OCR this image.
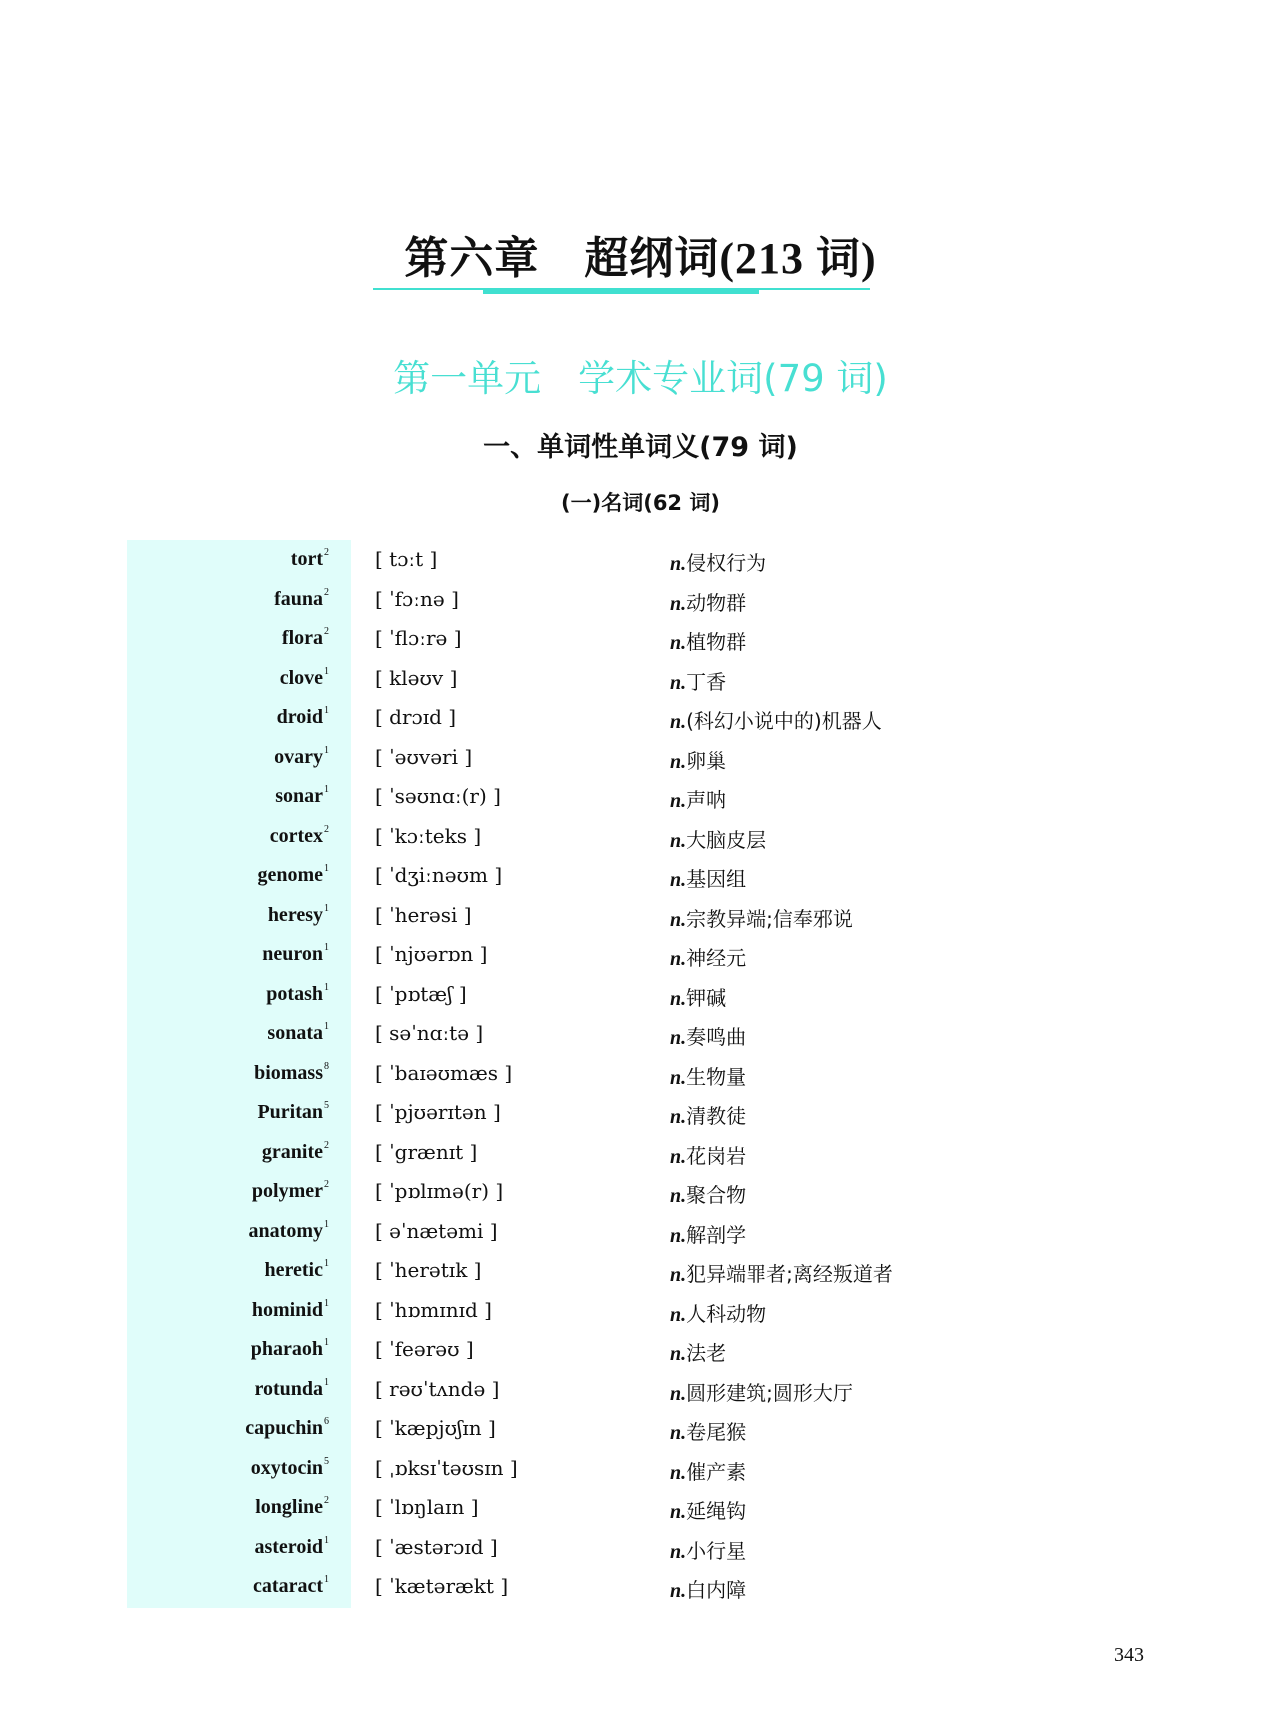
第六章　超纲词(213 词)
第一单元　学术专业词(79 词)
一、单词性单词义(79 词)
(一)名词(62 词)
tort$^2$ [ tɔːt ]	n.侵权行为
fauna$^2$ [ ˈfɔːnə ]	n.动物群
flora$^2$ [ ˈflɔːrə ]	n.植物群
clove$^1$ [ kləʊv ]	n.丁香
droid$^1$ [ drɔɪd ]	n.(科幻小说中的)机器人
ovary$^1$ [ ˈəʊvəri ]	n.卵巢
sonar$^1$ [ ˈsəʊnɑː(r) ]	n.声呐
cortex$^2$ [ ˈkɔːteks ]	n.大脑皮层
genome$^1$ [ ˈdʒiːnəʊm ]	n.基因组
heresy$^1$ [ ˈherəsi ]	n.宗教异端;信奉邪说
neuron$^1$ [ ˈnjʊərɒn ]	n.神经元
potash$^1$ [ ˈpɒtæʃ ]	n.钾碱
sonata$^1$ [ səˈnɑːtə ]	n.奏鸣曲
biomass$^8$ [ ˈbaɪəʊmæs ]	n.生物量
Puritan$^5$ [ ˈpjʊərɪtən ]	n.清教徒
granite$^2$ [ ˈgrænɪt ]	n.花岗岩
polymer$^2$ [ ˈpɒlɪmə(r) ]	n.聚合物
anatomy$^1$ [ əˈnætəmi ]	n.解剖学
heretic$^1$ [ ˈherətɪk ]	n.犯异端罪者;离经叛道者
hominid$^1$ [ ˈhɒmɪnɪd ]	n.人科动物
pharaoh$^1$ [ ˈfeərəʊ ]	n.法老
rotunda$^1$ [ rəʊˈtʌndə ]	n.圆形建筑;圆形大厅
capuchin$^6$ [ ˈkæpjʊʃɪn ]	n.卷尾猴
oxytocin$^5$ [ ˌɒksɪˈtəʊsɪn ]	n.催产素
longline$^2$ [ ˈlɒŋlaɪn ]	n.延绳钩
asteroid$^1$ [ ˈæstərɔɪd ]	n.小行星
cataract$^1$ [ ˈkætərækt ]	n.白内障
343
